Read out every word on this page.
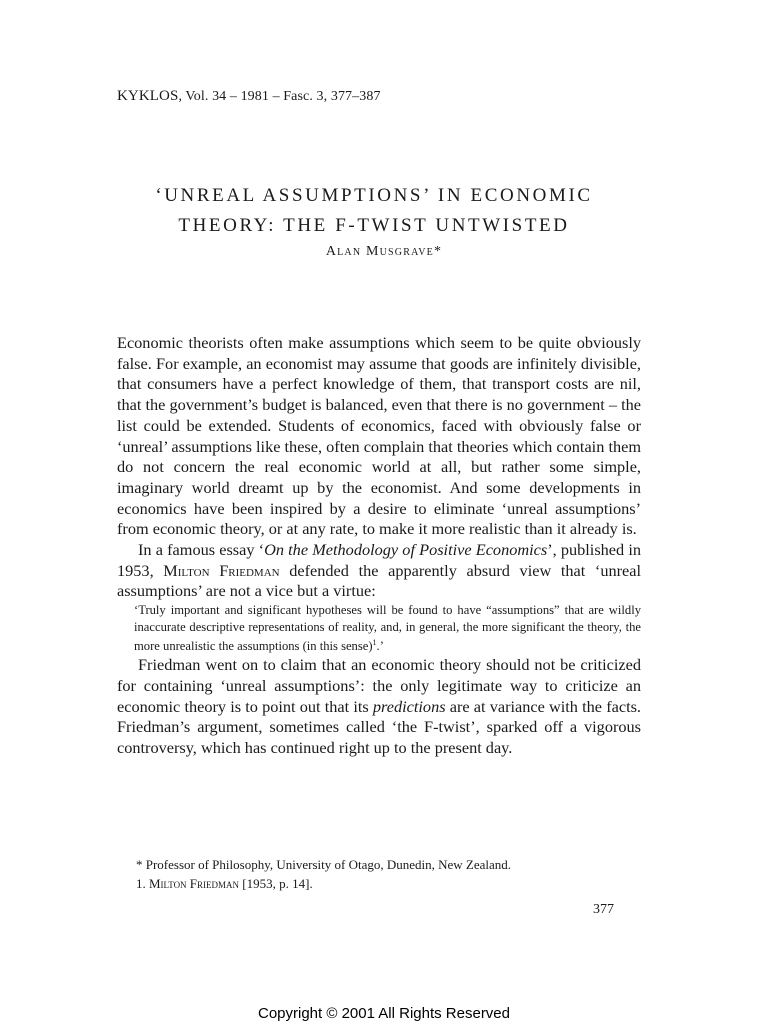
KYKLOS, Vol. 34 – 1981 – Fasc. 3, 377–387
‘UNREAL ASSUMPTIONS’ IN ECONOMIC
THEORY: THE F-TWIST UNTWISTED
Alan Musgrave*

Economic theorists often make assumptions which seem to be quite obviously false. For example, an economist may assume that goods are infinitely divisible, that consumers have a perfect knowledge of them, that transport costs are nil, that the government’s budget is balanced, even that there is no government – the list could be extended. Students of economics, faced with obviously false or ‘unreal’ assumptions like these, often complain that theories which contain them do not concern the real economic world at all, but rather some simple, imaginary world dreamt up by the economist. And some developments in economics have been inspired by a desire to eliminate ‘unreal assumptions’ from economic theory, or at any rate, to make it more realistic than it already is.

In a famous essay ‘On the Methodology of Positive Economics’, published in 1953, Milton Friedman defended the apparently absurd view that ‘unreal assumptions’ are not a vice but a virtue:

‘Truly important and significant hypotheses will be found to have “assumptions” that are wildly inaccurate descriptive representations of reality, and, in general, the more significant the theory, the more unrealistic the assumptions (in this sense)$^1$.’

Friedman went on to claim that an economic theory should not be criticized for containing ‘unreal assumptions’: the only legitimate way to criticize an economic theory is to point out that its predictions are at variance with the facts. Friedman’s argument, sometimes called ‘the F-twist’, sparked off a vigorous controversy, which has continued right up to the present day.

* Professor of Philosophy, University of Otago, Dunedin, New Zealand.

1. Milton Friedman [1953, p. 14].

377
Copyright © 2001 All Rights Reserved
